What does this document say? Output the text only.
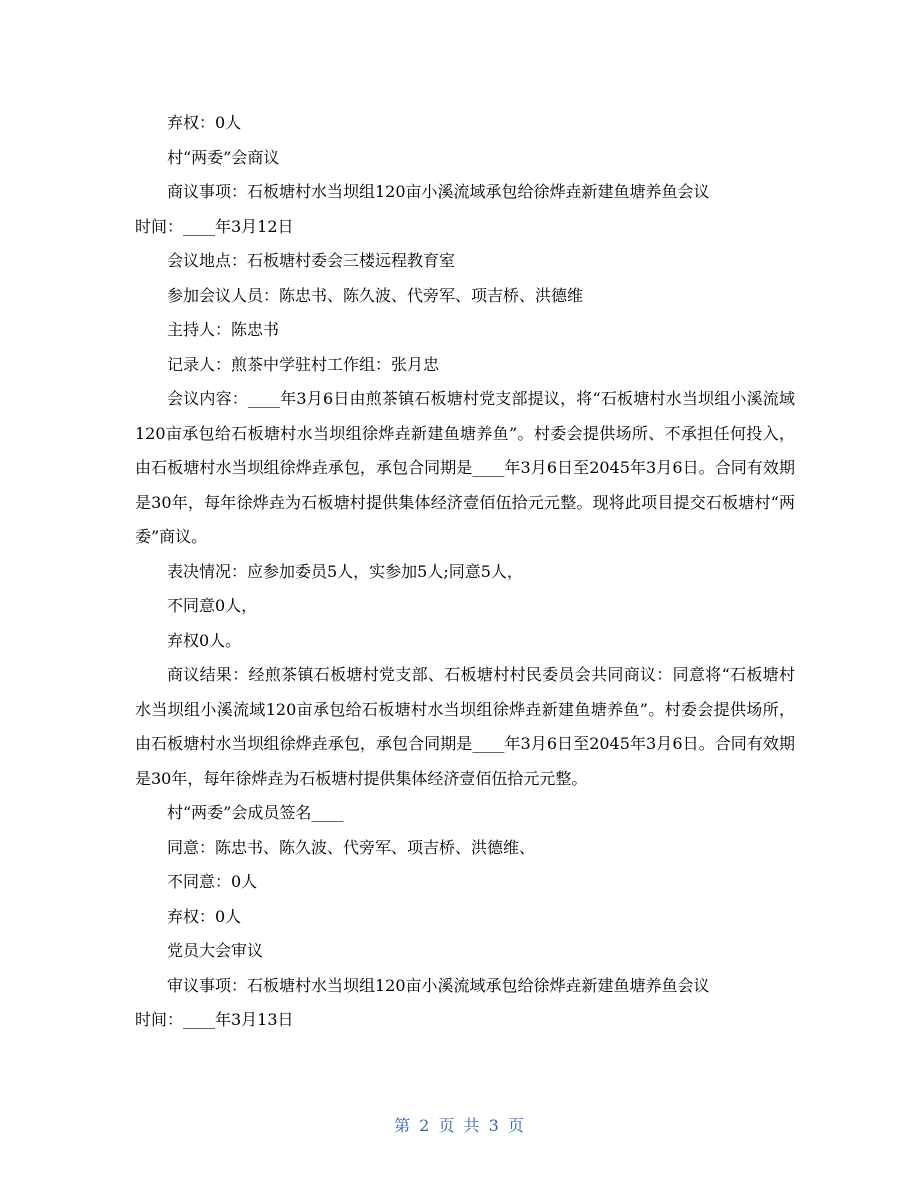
弃权：0人

村“两委”会商议

商议事项：石板塘村水当坝组120亩小溪流域承包给徐烨垚新建鱼塘养鱼会议

时间：____年3月12日

会议地点：石板塘村委会三楼远程教育室

参加会议人员：陈忠书、陈久波、代旁军、项吉桥、洪德维

主持人：陈忠书

记录人：煎茶中学驻村工作组：张月忠

会议内容：____年3月6日由煎茶镇石板塘村党支部提议，将“石板塘村水当坝组小溪流域120亩承包给石板塘村水当坝组徐烨垚新建鱼塘养鱼”。村委会提供场所、不承担任何投入，由石板塘村水当坝组徐烨垚承包，承包合同期是____年3月6日至2045年3月6日。合同有效期是30年，每年徐烨垚为石板塘村提供集体经济壹佰伍拾元元整。现将此项目提交石板塘村“两委”商议。

表决情况：应参加委员5人，实参加5人;同意5人，

不同意0人，

弃权0人。

商议结果：经煎茶镇石板塘村党支部、石板塘村村民委员会共同商议：同意将“石板塘村水当坝组小溪流域120亩承包给石板塘村水当坝组徐烨垚新建鱼塘养鱼”。村委会提供场所，由石板塘村水当坝组徐烨垚承包，承包合同期是____年3月6日至2045年3月6日。合同有效期是30年，每年徐烨垚为石板塘村提供集体经济壹佰伍拾元元整。

村“两委”会成员签名____

同意：陈忠书、陈久波、代旁军、项吉桥、洪德维、

不同意：0人

弃权：0人

党员大会审议

审议事项：石板塘村水当坝组120亩小溪流域承包给徐烨垚新建鱼塘养鱼会议

时间：____年3月13日

第 2 页 共 3 页
